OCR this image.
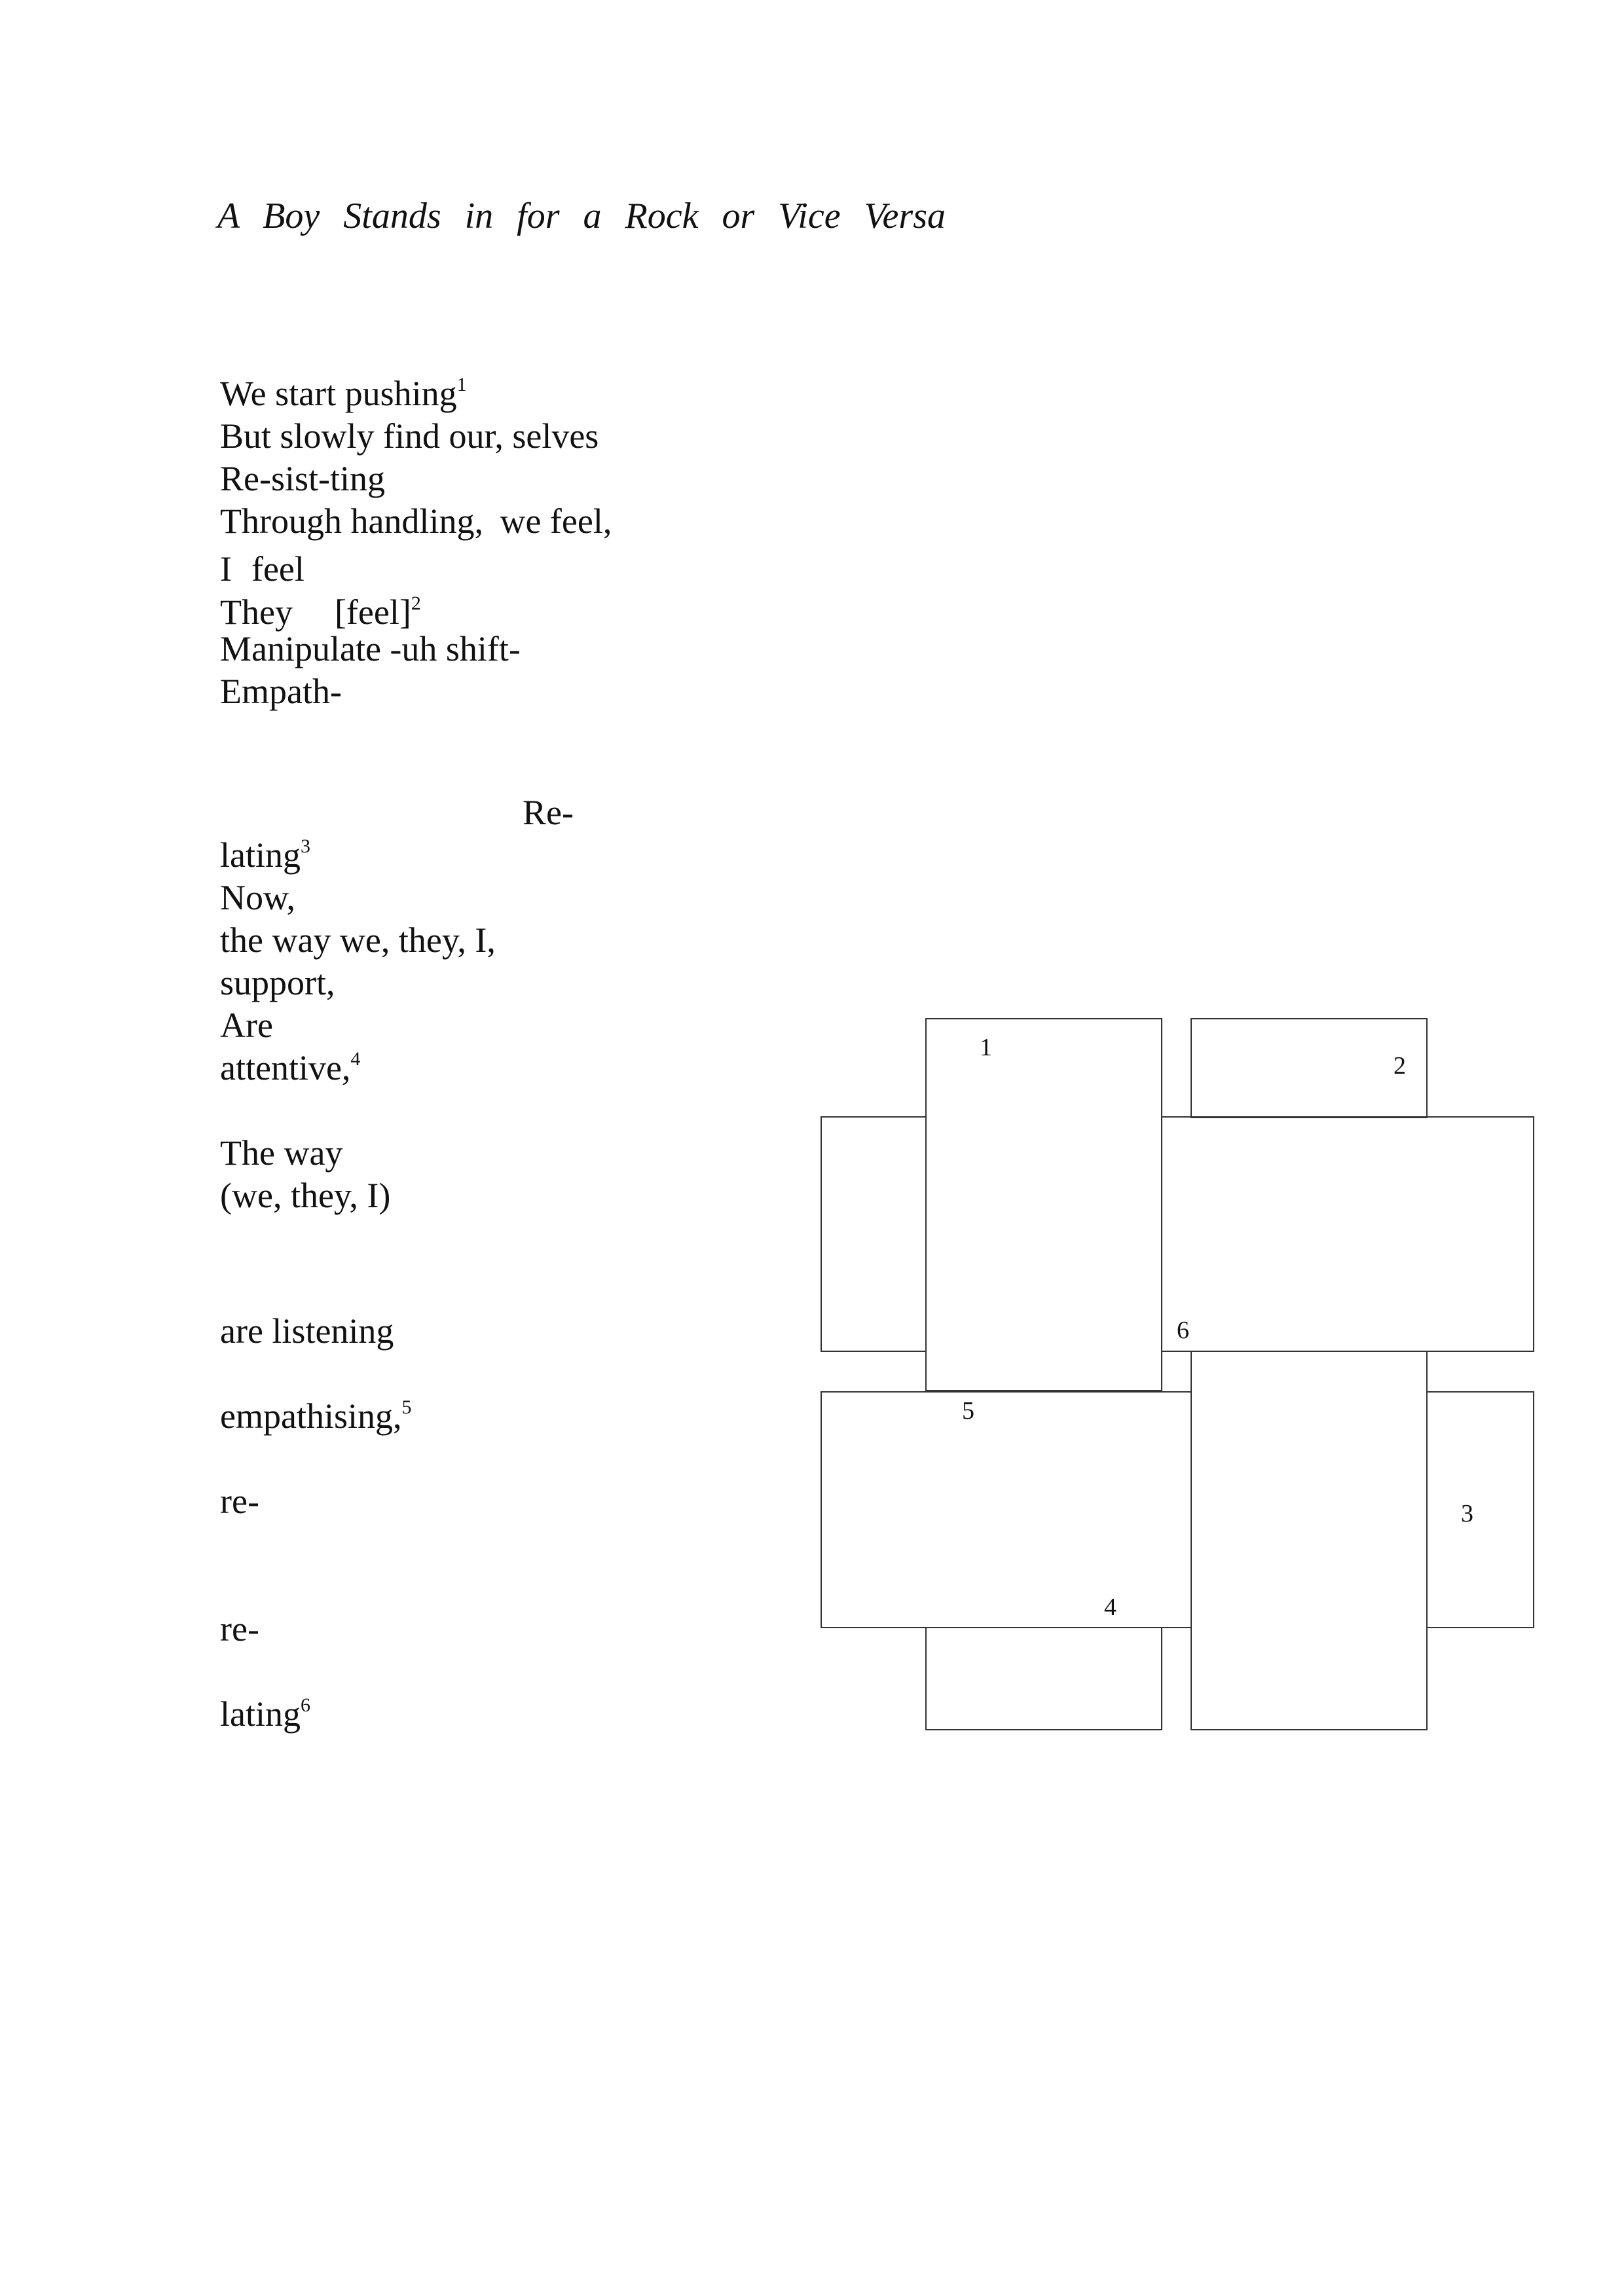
A Boy Stands in for a Rock or Vice Versa
We start pushing$^1$
But slowly find our, selves
Re-sist-ting
Through handling, we feel,
I feel
They [feel]$^2$
Manipulate -uh shift-
Empath-
Re-
lating$^3$
Now,
the way we, they, I,
support,
Are
attentive,$^4$
The way
(we, they, I)
are listening
empathising,$^5$
re-
re-
lating$^6$
1
2
3
4
5
6
